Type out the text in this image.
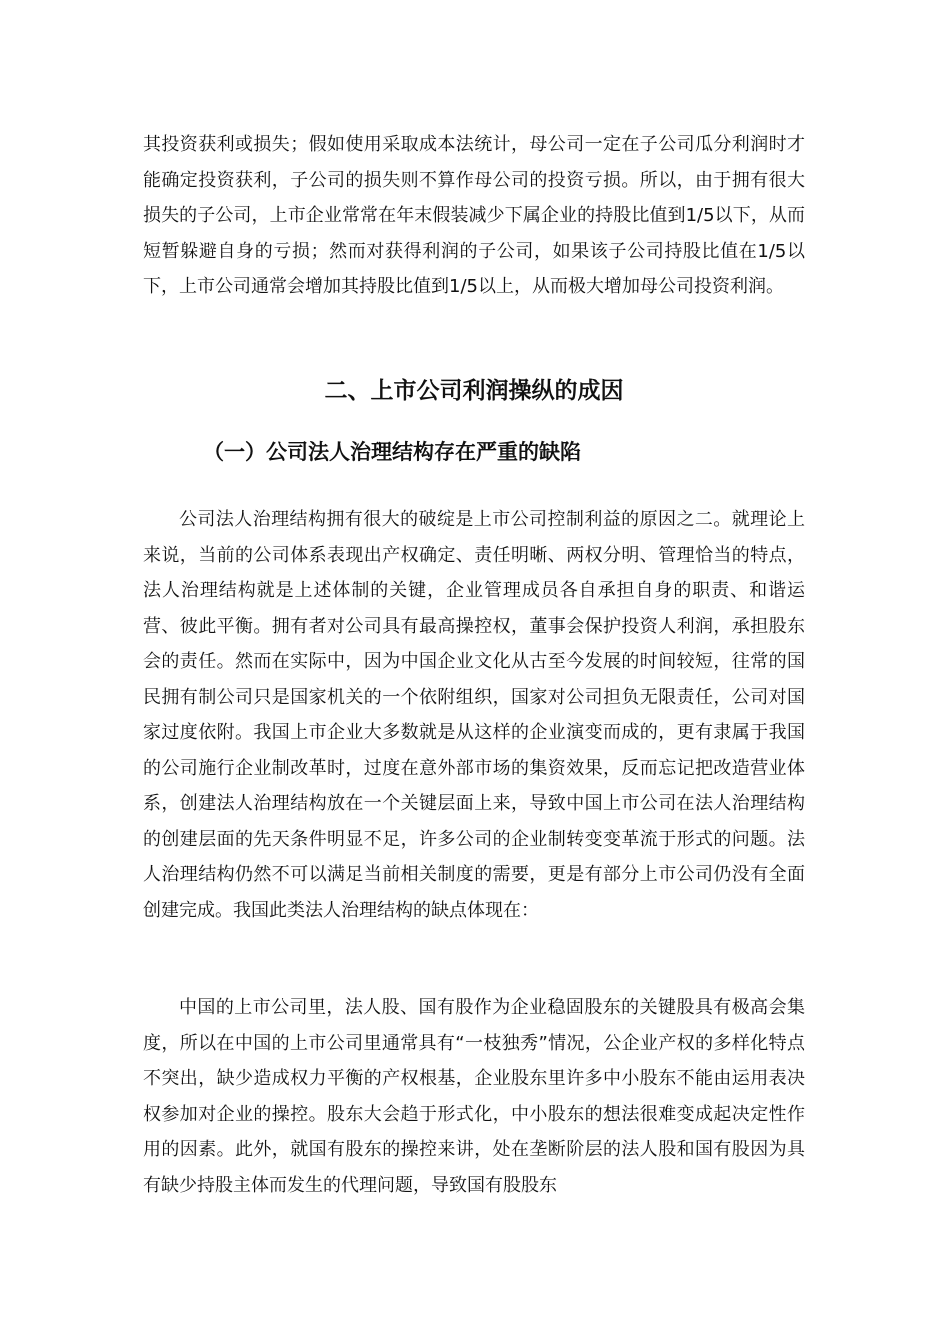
其投资获利或损失；假如使用采取成本法统计，母公司一定在子公司瓜分利润时才能确定投资获利，子公司的损失则不算作母公司的投资亏损。所以，由于拥有很大损失的子公司，上市企业常常在年末假装减少下属企业的持股比值到1/5以下，从而短暂躲避自身的亏损；然而对获得利润的子公司，如果该子公司持股比值在1/5以下，上市公司通常会增加其持股比值到1/5以上，从而极大增加母公司投资利润。

二、上市公司利润操纵的成因
（一）公司法人治理结构存在严重的缺陷

公司法人治理结构拥有很大的破绽是上市公司控制利益的原因之二。就理论上来说，当前的公司体系表现出产权确定、责任明晰、两权分明、管理恰当的特点，法人治理结构就是上述体制的关键，企业管理成员各自承担自身的职责、和谐运营、彼此平衡。拥有者对公司具有最高操控权，董事会保护投资人利润，承担股东会的责任。然而在实际中，因为中国企业文化从古至今发展的时间较短，往常的国民拥有制公司只是国家机关的一个依附组织，国家对公司担负无限责任，公司对国家过度依附。我国上市企业大多数就是从这样的企业演变而成的，更有隶属于我国的公司施行企业制改革时，过度在意外部市场的集资效果，反而忘记把改造营业体系，创建法人治理结构放在一个关键层面上来，导致中国上市公司在法人治理结构的创建层面的先天条件明显不足，许多公司的企业制转变变革流于形式的问题。法人治理结构仍然不可以满足当前相关制度的需要，更是有部分上市公司仍没有全面创建完成。我国此类法人治理结构的缺点体现在：

中国的上市公司里，法人股、国有股作为企业稳固股东的关键股具有极高会集度，所以在中国的上市公司里通常具有“一枝独秀”情况，公企业产权的多样化特点不突出，缺少造成权力平衡的产权根基，企业股东里许多中小股东不能由运用表决权参加对企业的操控。股东大会趋于形式化，中小股东的想法很难变成起决定性作用的因素。此外，就国有股东的操控来讲，处在垄断阶层的法人股和国有股因为具有缺少持股主体而发生的代理问题，导致国有股股东
